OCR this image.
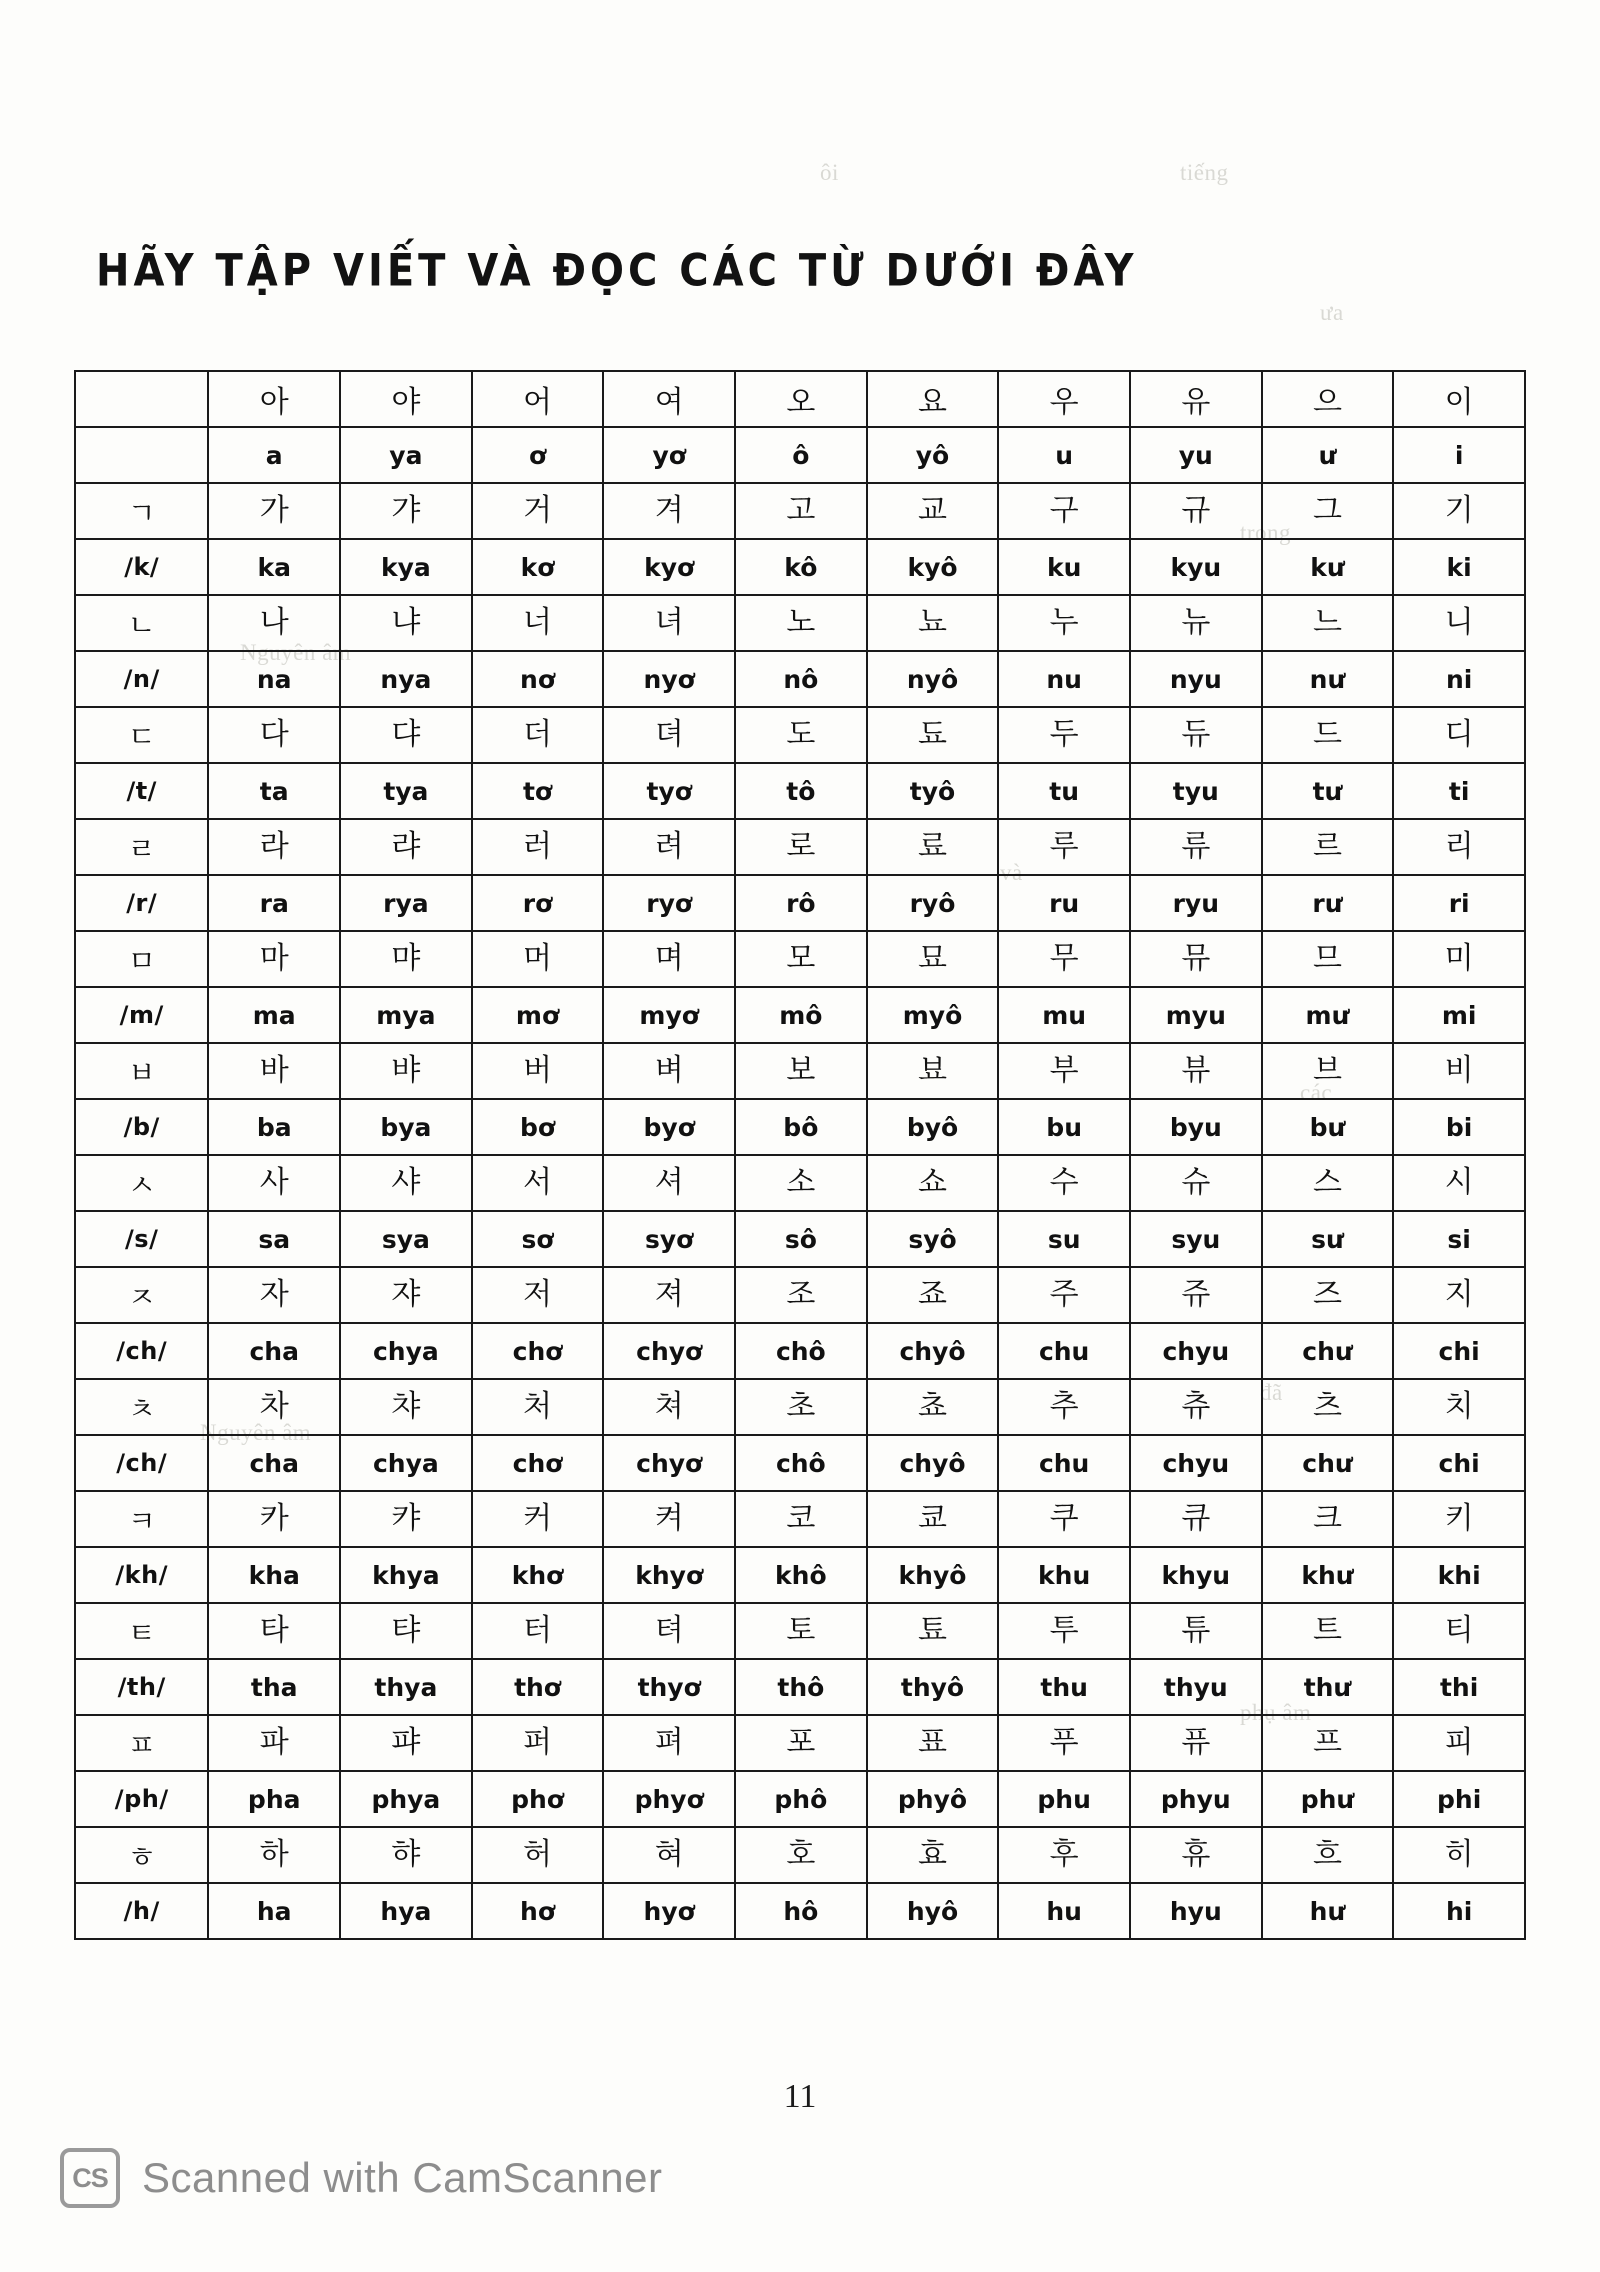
ôi	tiếng
ưa
Nguyên âm
trong
và
các
đã
Nguyên âm
phụ âm
HÃY TẬP VIẾT VÀ ĐỌC CÁC TỪ DƯỚI ĐÂY
	아	야	어	여	오	요	우	유	으	이
	a	ya	ơ	yơ	ô	yô	u	yu	ư	i
ㄱ	가	갸	거	겨	고	교	구	규	그	기
/k/	ka	kya	kơ	kyơ	kô	kyô	ku	kyu	kư	ki
ㄴ	나	냐	너	녀	노	뇨	누	뉴	느	니
/n/	na	nya	nơ	nyơ	nô	nyô	nu	nyu	nư	ni
ㄷ	다	댜	더	뎌	도	됴	두	듀	드	디
/t/	ta	tya	tơ	tyơ	tô	tyô	tu	tyu	tư	ti
ㄹ	라	랴	러	려	로	료	루	류	르	리
/r/	ra	rya	rơ	ryơ	rô	ryô	ru	ryu	rư	ri
ㅁ	마	먀	머	며	모	묘	무	뮤	므	미
/m/	ma	mya	mơ	myơ	mô	myô	mu	myu	mư	mi
ㅂ	바	뱌	버	벼	보	뵤	부	뷰	브	비
/b/	ba	bya	bơ	byơ	bô	byô	bu	byu	bư	bi
ㅅ	사	샤	서	셔	소	쇼	수	슈	스	시
/s/	sa	sya	sơ	syơ	sô	syô	su	syu	sư	si
ㅈ	자	쟈	저	져	조	죠	주	쥬	즈	지
/ch/	cha	chya	chơ	chyơ	chô	chyô	chu	chyu	chư	chi
ㅊ	차	챠	처	쳐	초	쵸	추	츄	츠	치
/ch/	cha	chya	chơ	chyơ	chô	chyô	chu	chyu	chư	chi
ㅋ	카	캬	커	켜	코	쿄	쿠	큐	크	키
/kh/	kha	khya	khơ	khyơ	khô	khyô	khu	khyu	khư	khi
ㅌ	타	탸	터	텨	토	툐	투	튜	트	티
/th/	tha	thya	thơ	thyơ	thô	thyô	thu	thyu	thư	thi
ㅍ	파	퍄	퍼	펴	포	표	푸	퓨	프	피
/ph/	pha	phya	phơ	phyơ	phô	phyô	phu	phyu	phư	phi
ㅎ	하	햐	허	혀	호	효	후	휴	흐	히
/h/	ha	hya	hơ	hyơ	hô	hyô	hu	hyu	hư	hi
11
CS Scanned with CamScanner
